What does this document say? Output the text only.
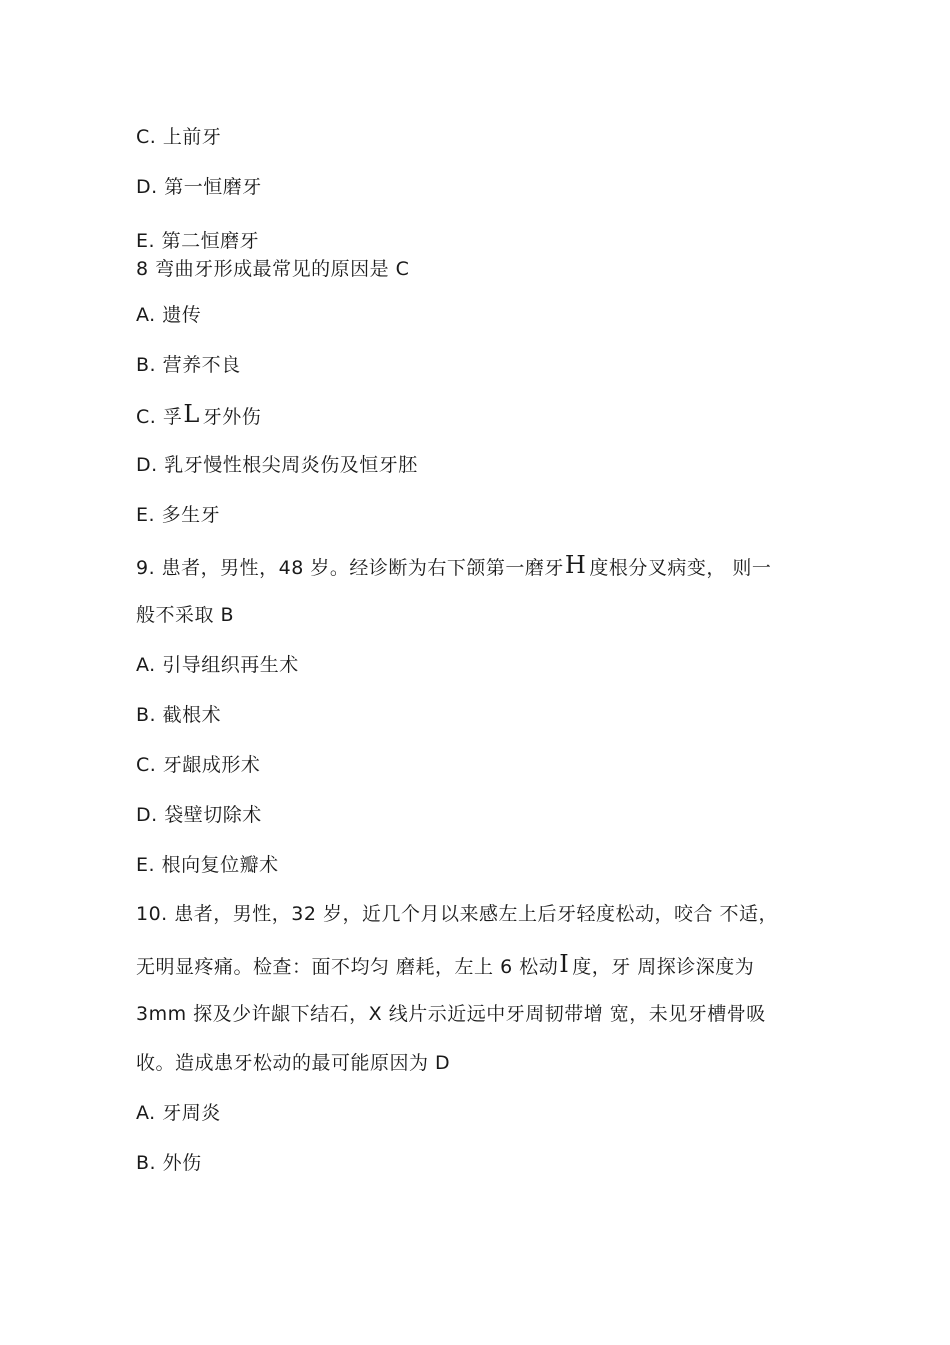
C. 上前牙
D. 第一恒磨牙
E. 第二恒磨牙
8 弯曲牙形成最常见的原因是 C
A. 遗传
B. 营养不良
C. 孚L 牙外伤
D. 乳牙慢性根尖周炎伤及恒牙胚
E. 多生牙
9. 患者，男性，48 岁。经诊断为右下颌第一磨牙H 度根分叉病变， 则一
般不采取 B
A. 引导组织再生术
B. 截根术
C. 牙龈成形术
D. 袋壁切除术
E. 根向复位瓣术
10. 患者，男性，32 岁，近几个月以来感左上后牙轻度松动，咬合 不适，
无明显疼痛。检查：面不均匀 磨耗，左上 6 松动I 度，牙 周探诊深度为
3mm 探及少许龈下结石，X 线片示近远中牙周韧带增 宽，未见牙槽骨吸
收。造成患牙松动的最可能原因为 D
A. 牙周炎
B. 外伤
